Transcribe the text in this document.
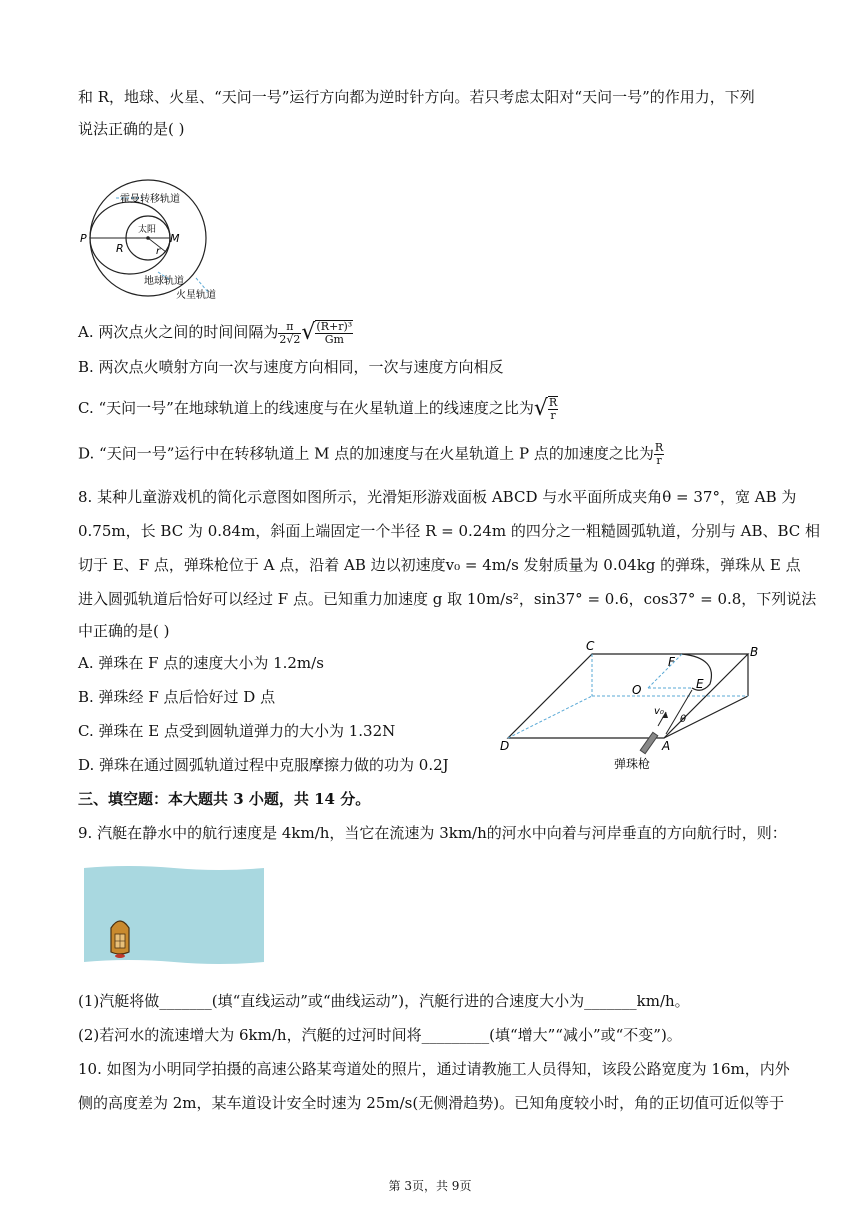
和 R，地球、火星、“天问一号”运行方向都为逆时针方向。若只考虑太阳对“天问一号”的作用力，下列
说法正确的是( )
霍曼转移轨道
太阳
地球轨道
火星轨道
P	M
R	r
A. 两次点火之间的时间间隔为 $\frac{\pi}{2√2}$ √ $\frac{\text{(R+r)³}}{Gm}$
B. 两次点火喷射方向一次与速度方向相同，一次与速度方向相反
C. “天问一号”在地球轨道上的线速度与在火星轨道上的线速度之比为√ $\frac{R}{r}$
D. “天问一号”运行中在转移轨道上 M 点的加速度与在火星轨道上 P 点的加速度之比为 $\frac{R}{r}$
8. 某种儿童游戏机的简化示意图如图所示，光滑矩形游戏面板 ABCD 与水平面所成夹角θ = 37°，宽 AB 为
0.75m，长 BC 为 0.84m，斜面上端固定一个半径 R = 0.24m 的四分之一粗糙圆弧轨道，分别与 AB、BC 相
切于 E、F 点，弹珠枪位于 A 点，沿着 AB 边以初速度v₀ = 4m/s 发射质量为 0.04kg 的弹珠，弹珠从 E 点
进入圆弧轨道后恰好可以经过 F 点。已知重力加速度 g 取 10m/s²，sin37° = 0.6，cos37° = 0.8，下列说法
中正确的是( )
A. 弹珠在 F 点的速度大小为 1.2m/s
B. 弹珠经 F 点后恰好过 D 点
C. 弹珠在 E 点受到圆轨道弹力的大小为 1.32N
D. 弹珠在通过圆弧轨道过程中克服摩擦力做的功为 0.2J
C	B
D	A
O	E
F
v₀
θ
弹珠枪
三、填空题：本大题共 3 小题，共 14 分。
9. 汽艇在静水中的航行速度是 4km/h，当它在流速为 3km/h的河水中向着与河岸垂直的方向航行时，则：
(1)汽艇将做_______(填“直线运动”或“曲线运动”)，汽艇行进的合速度大小为_______km/h。
(2)若河水的流速增大为 6km/h，汽艇的过河时间将_________(填“增大”“减小”或“不变”)。
10. 如图为小明同学拍摄的高速公路某弯道处的照片，通过请教施工人员得知，该段公路宽度为 16m，内外
侧的高度差为 2m，某车道设计安全时速为 25m/s(无侧滑趋势)。已知角度较小时，角的正切值可近似等于
第 3页，共 9页
